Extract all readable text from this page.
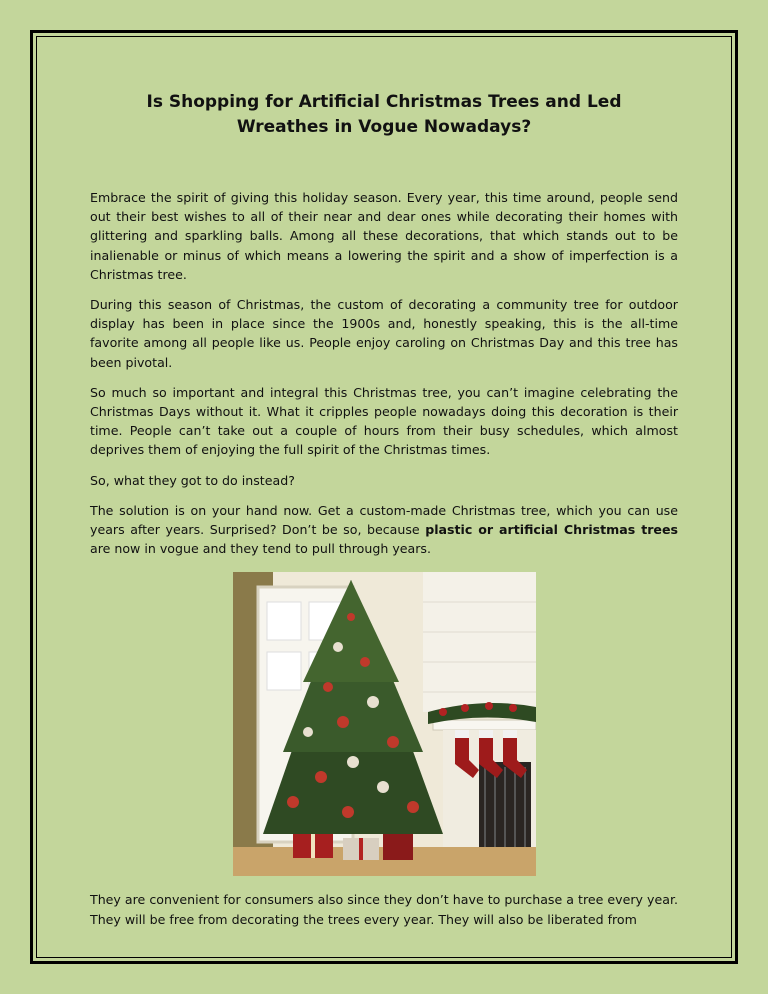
Is Shopping for Artificial Christmas Trees and Led Wreathes in Vogue Nowadays?

Embrace the spirit of giving this holiday season. Every year, this time around, people send out their best wishes to all of their near and dear ones while decorating their homes with glittering and sparkling balls. Among all these decorations, that which stands out to be inalienable or minus of which means a lowering the spirit and a show of imperfection is a Christmas tree.

During this season of Christmas, the custom of decorating a community tree for outdoor display has been in place since the 1900s and, honestly speaking, this is the all-time favorite among all people like us. People enjoy caroling on Christmas Day and this tree has been pivotal.

So much so important and integral this Christmas tree, you can’t imagine celebrating the Christmas Days without it. What it cripples people nowadays doing this decoration is their time. People can’t take out a couple of hours from their busy schedules, which almost deprives them of enjoying the full spirit of the Christmas times.

So, what they got to do instead?

The solution is on your hand now. Get a custom-made Christmas tree, which you can use years after years. Surprised? Don’t be so, because plastic or artificial Christmas trees are now in vogue and they tend to pull through years.

They are convenient for consumers also since they don’t have to purchase a tree every year. They will be free from decorating the trees every year. They will also be liberated from
